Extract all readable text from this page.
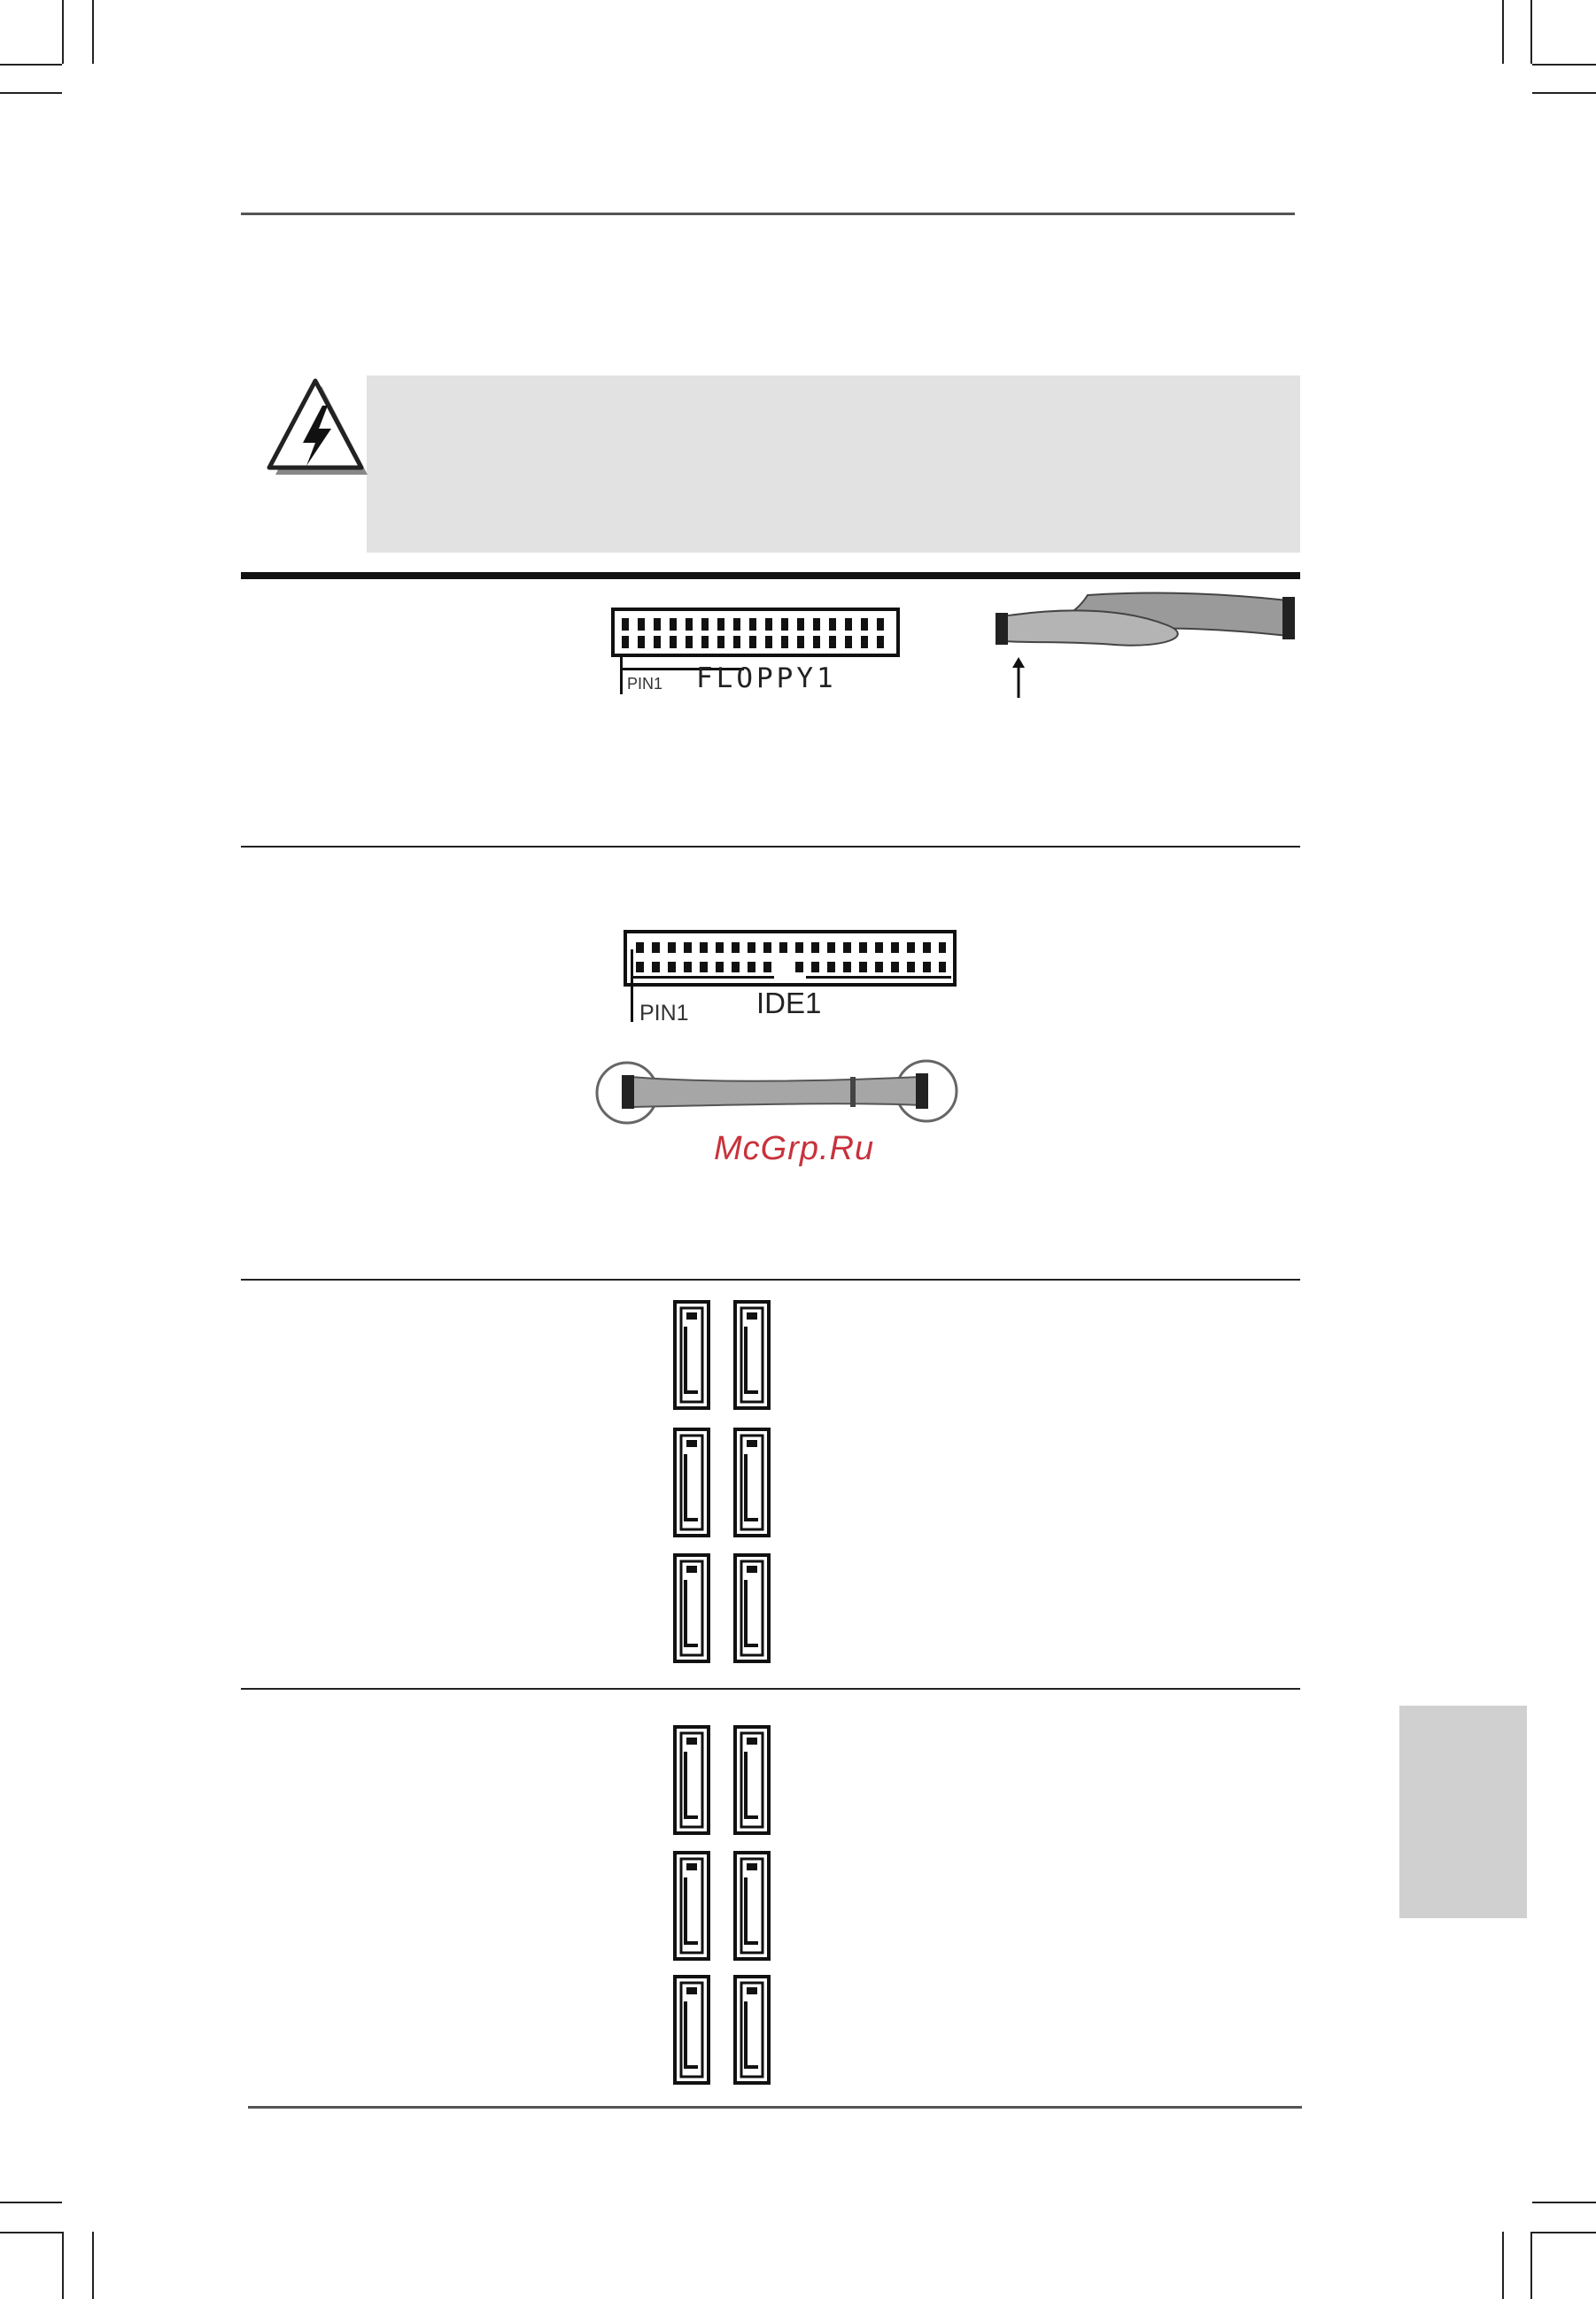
FLOPPY1
PIN1
PIN1 IDE1
McGrp.Ru
